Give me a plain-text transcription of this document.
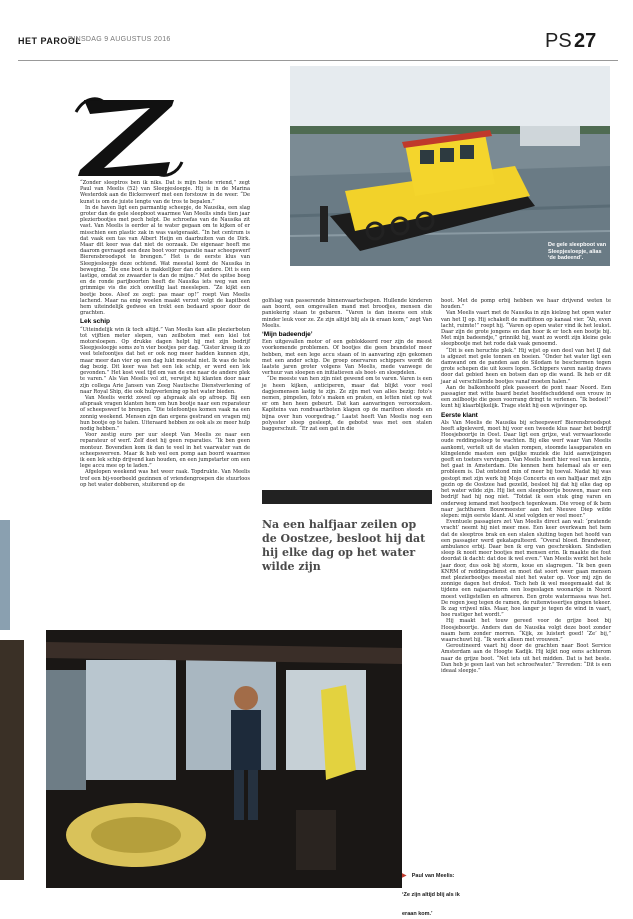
HET PAROOL
DINSDAG 9 AUGUSTUS 2016	PS 27
De gele sleepboot van Sleepjesloepje, alias ‘de badeend’.

“Zonder sleeptros ben ik niks. Dat is mijn beste vriend,” zegt Paul van Meelis (52) van Sleepjesloepje. Hij is in de Marina Westerdok aan de Bickerswerf met een forstouw in de weer. “De kunst is om de juiste lengte van de tros te bepalen.”

In de haven ligt een parmantig scheepje, de Nausika, een slag groter dan de gele sleepboot waarmee Van Meelis sinds tien jaar plezierbootjes met pech helpt. De schroefas van de Nausika zit vast. Van Meelis is eerder al te water gegaan om te kijken of er misschien een plastic zak in was vastgeraakt. “In het centrum is dat vaak een tas van Albert Heijn en daarbuiten van de Dirk. Maar dit keer was dat niet de oorzaak. De eigenaar heeft me daarom gevraagd een deze boot voor reparatie naar scheepswerf Bierensbroodspot te brengen.” Het is de eerste klus van Sleepjesloepje deze ochtend. Wat meestal komt de Nausika in beweging. “De ene boot is makkelijker dan de andere. Dit is een lastige, omdat ze zwaarder is dan de mijne.” Met de spitse boeg en de ronde parijboorten heeft de Nausika iets weg van een grimmige vis die zich onwillig laat meeslepen. “Ze kijkt een beetje boos. Alsof ze zegt: pas maar op!” roept Van Meelis lachend. Maar na enig woelen maakt verzet volgt de kapitboot hem uiteindelijk gedwee en trekt een bedaard spoor door de grachten.

Lek schip

“Uiteindelijk win ik toch altijd.” Van Meelis kan alle plezierboten tot vijftien meter slepen, van zeilboten met een kiel tot motorsloepen. Op drukke dagen helpt hij met zijn bedrijf Sleepjesloepje soms zo’n vier bootjes per dag. “Gister kreeg ik zo veel telefoontjes dat het er ook nog meer hadden kunnen zijn, maar meer dan vier op een dag lukt meestal niet. Ik was de hele dag bezig. Dit keer was het een lek schip, er werd een lek gevonden.” Het kost veel tijd om van de ene naar de andere plek te varen.” Als Van Meelis vol zit, verwijst hij klanten door naar zijn collega Arie Jansen van Zeeg Nautische Dienstverlening of naar Royal Ship, die ook hulpverlening op het water bieden.

Van Meelis werkt zowel op afspraak als op afroep. Bij een afspraak vragen klanten hem om hun bootje naar een reparateur of scheepswerf te brengen. “Die telefoontjes komen vaak na een zonnig weekend. Mensen zijn dan ergens gestrand en vragen mij hun bootje op te halen. Uiteraard hebben ze ook als ze meer hulp nodig hebben.”

Voor zestig euro per uur sleept Van Meelis ze naar een reparateur of werf. Zelf doet hij geen reparaties. “Ik ben geen monteur. Bovendien kom ik dan te veel in het vaarwater van de scheepswerven. Maar ik heb wel een pomp aan boord waarmee ik een lek schip drijvend kan houden, en een jumpstarter om een lege accu mee op te laden.”

Afgelopen weekend was het weer raak. Topdrukte. Van Meelis trof een bij-voorbeeld gezinnen of vriendengroepen die stuurloos op het water dobberen, stuiterend op de

golfslag van passerende binnenvaartschepen. Hullende kinderen aan boord, een omgevallen mand met broodjes, mensen die paniekerig staan te gebaren. “Varen is dan ineens een stuk minder leuk voor ze. Ze zijn altijd blij als ik eraan kom,” zegt Van Meelis.

‘Mijn badeendje’

Een uitgevallen motor of een geblokkeerd roer zijn de meest voorkomende problemen. Of bootjes die geen brandstof meer hebben, met een lege accu staan of in aanvaring zijn gekomen met een ander schip. De groep onervaren schippers wordt de laatste jaren groter volgens Van Meelis, mede vanwege de verhuur van sloepen en initiatieven als boot- en sloepdelen.

“De meeste van hen zijn niet gewend om te varen. Varen is een je heen kijken, anticiperen, maar dat blijkt voor veel dagjesmensen lastig te zijn. Ze zijn met van alles bezig: foto’s nemen, pimpelen, foto’s maken en praten, en letten niet op wat er om hen heen gebeurt. Dat kan aanvaringen veroorzaken. Kapiteins van rondvaartboten klagen op de marifoon steeds en bijna over hun voorgedrag.” Laatst heeft Van Meelis nog een polyester sloep gesleept, de gebotst was met een stalen baggerschuit. “Er zat een gat in die

Na een halfjaar zeilen op de Oostzee, besloot hij dat hij elke dag op het water wilde zijn

boot. Met de pomp erbij hebben we haar drijvend weten te houden.”

Van Meelis vaart met de Nausika in zijn kielzog het open water van het IJ op. Hij schakelt de mattifoon op kanaal vier. “Ah, even lacht, ruimte!” roept hij. “Varen op open water vind ik het leukst. Daar zijn de grote jongens en dan hoor ik er toch een bootje bij. Met mijn badeendje,” grinnikt hij, want zo wordt zijn kleine gele sleepbootje met het rode dak vaak genoemd.

“Dit is een heruchte plek.” Hij wijst op een deel van het IJ dat is afgezet met gele tonnen en boeien. “Onder het water ligt een damwand om de panden aan de Silodam te beschermen tegen grote schepen die uit koers lopen. Schippers varen nastig draws door dat gebied heen en botsen dan op die wand. Ik heb er dit jaar al verschillende bootjes vanaf moeten halen.”

Aan de balkonhoofd plek passeert de pont naar Noord. Een passagier met witte baard beziet hoofdschuddend een vrouw in een zeilbootje die geen voorrang dringt te verlenen. “Ik bedoel!” kunt hij klaarblijkelijk. Trage stekt hij een wijsvinger op.

Eerste klant

Als Van Meelis de Nausika bij scheepswerf Bierensbroodspot heeft afgeleverd, moet hij voor een tweede klus naar het bedrijf Hoosjeboortje in Oost. Daar ligt een grijze, wat verwaarloosde oude reddingssloep te wachten. Bij elke werf waar Van Meelis aankomt, vertelt uit de stalen rompen, stoomde lasapparaten en klingelende masten een gelijke muziek die luid aanwijzingen geeft en toeters vervingen. Van Meelis heeft hier veel van kennis, het gaat in Amsterdam. Die kennen hem helemaal als er een probleem is. Dat ontstond min of meer bij toeval. Nadat hij was gestopt met zijn werk bij Mojo Concerts en een halfjaar met zijn gezin op de Oostzee had gezeild, besloot hij dat hij elke dag op het water wilde zijn. Hij liet een sleepboortje bouwen, maar een bedrijf had hij nog niet. “Totdat ik een stuk ging varen en onderweg iemand met hoofpech tegenkwam. Die vroeg of ik hem naar jachthaven Bouwmeester aan het Nieuwe Diep wilde slepen: mijn eerste klant. Al snel volgden er veel meer.”

Eventuele passagiers zet Van Meelis direct aan wal: ‘pratende vracht’ neemt hij niet meer mee. Een keer overkwam het hem dat de sleeptros brak en een stalen sluiting tegen het hoofd van een passagier werd gekatapulteerd. “Overal bloed. Brandweer, ambulance erbij. Daar ben ik erg van geschrokken. Sindsdien sleep ik nooit meer bootjes met mensen erin. Ik maakte die fout doordat ik dacht: dat doe ik wel even.” Van Meelis werkt het hele jaar door, dus ook bij storm, koue en slagregen. “Ik ben geen KNRM of reddingsdienst en moet dat soort weer gaan mensen met plezierbootjes meestal niet het water op. Voor mij zijn de zonnige dagen het drukst. Toch heb ik wel meegemaakt dat ik tijdens een najaarsstorm een losgeslagen woonarkje in Noord moest veiligstellen en afmeren. Een grote watermassa was het. De regen joeg tegen de ramen, de ruitenwissertjes gingen tekeer. Ik zag vrijwel niks. Maar, hoe langer je tegen de wind in vaart, hoe rustiger het wordt.”

Hij maakt het touw gereed voor de grijze boot bij Hoosjeboortje. Anders dan de Nausika volgt deze boot zonder naam hem zonder morren. “Kijk, ze luistert goed! ‘Ze’ bij,” waarschuwt hij. “Ik werk alleen met vrouwen.”

Geroutineerd vaart hij door de grachten naar Boot Service Amsterdam aan de Hoogte Kadijk. Hij kijkt nog eens achterom naar de grijze boot. “Net iets uit het midden. Dat is het beste. Dan heb je geen last van het schroefwater.” Tevreden: “Dit is een ideaal sleepje.”

▶ Paul van Meelis: ‘Ze zijn altijd blij als ik eraan kom.’
